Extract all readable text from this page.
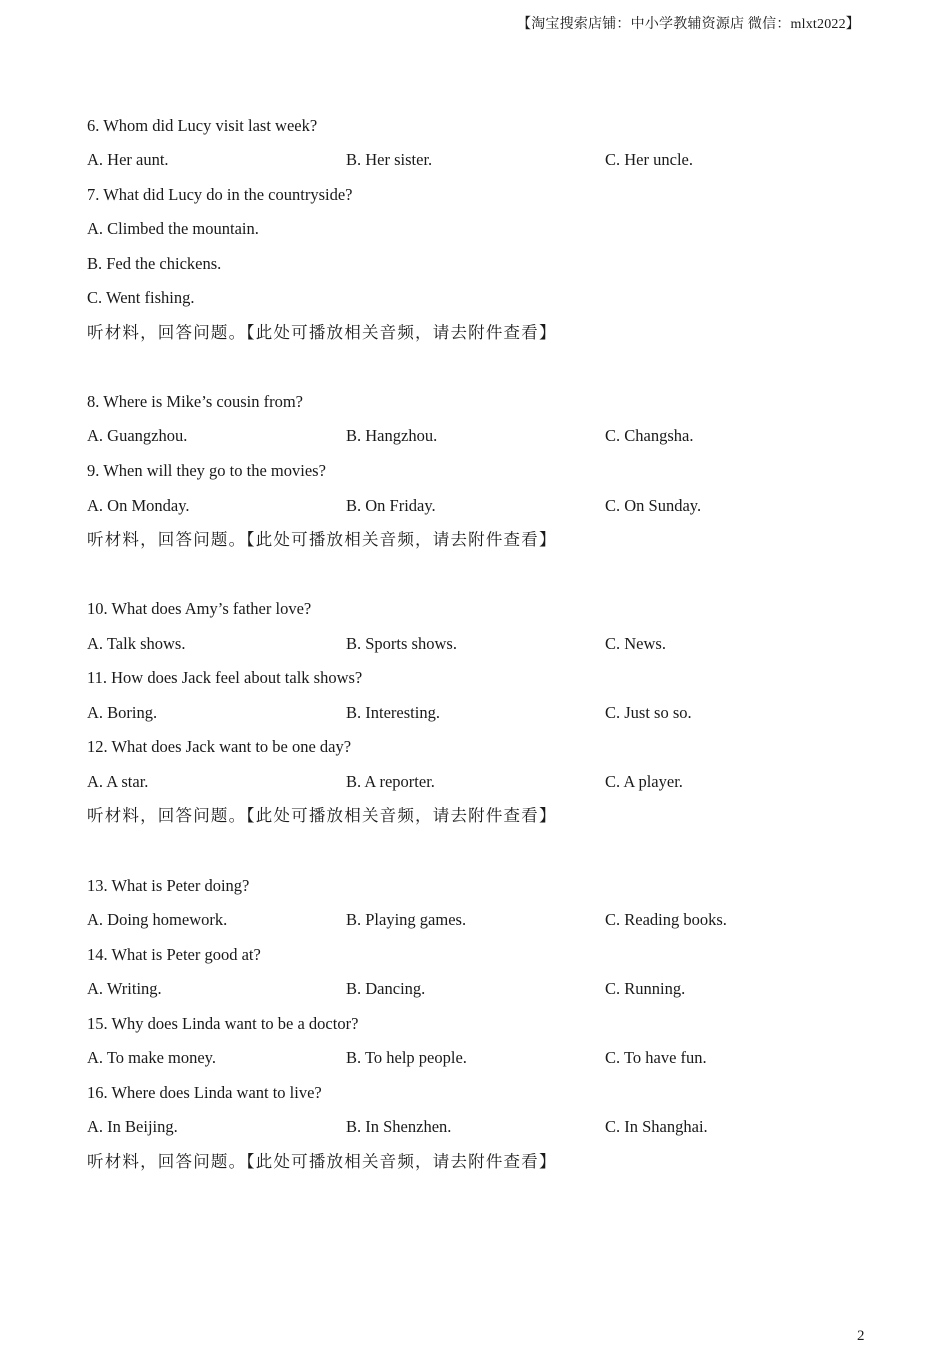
【淘宝搜索店铺：中小学教辅资源店 微信：mlxt2022】
6. Whom did Lucy visit last week?
A. Her aunt.	B. Her sister.	C. Her uncle.
7. What did Lucy do in the countryside?
A. Climbed the mountain.
B. Fed the chickens.
C. Went fishing.
听材料，回答问题。【此处可播放相关音频，请去附件查看】
8. Where is Mike’s cousin from?
A. Guangzhou.	B. Hangzhou.	C. Changsha.
9. When will they go to the movies?
A. On Monday.	B. On Friday.	C. On Sunday.
听材料，回答问题。【此处可播放相关音频，请去附件查看】
10. What does Amy’s father love?
A. Talk shows.	B. Sports shows.	C. News.
11. How does Jack feel about talk shows?
A. Boring.	B. Interesting.	C. Just so so.
12. What does Jack want to be one day?
A. A star.	B. A reporter.	C. A player.
听材料，回答问题。【此处可播放相关音频，请去附件查看】
13. What is Peter doing?
A. Doing homework.	B. Playing games.	C. Reading books.
14. What is Peter good at?
A. Writing.	B. Dancing.	C. Running.
15. Why does Linda want to be a doctor?
A. To make money.	B. To help people.	C. To have fun.
16. Where does Linda want to live?
A. In Beijing.	B. In Shenzhen.	C. In Shanghai.
听材料，回答问题。【此处可播放相关音频，请去附件查看】
2
